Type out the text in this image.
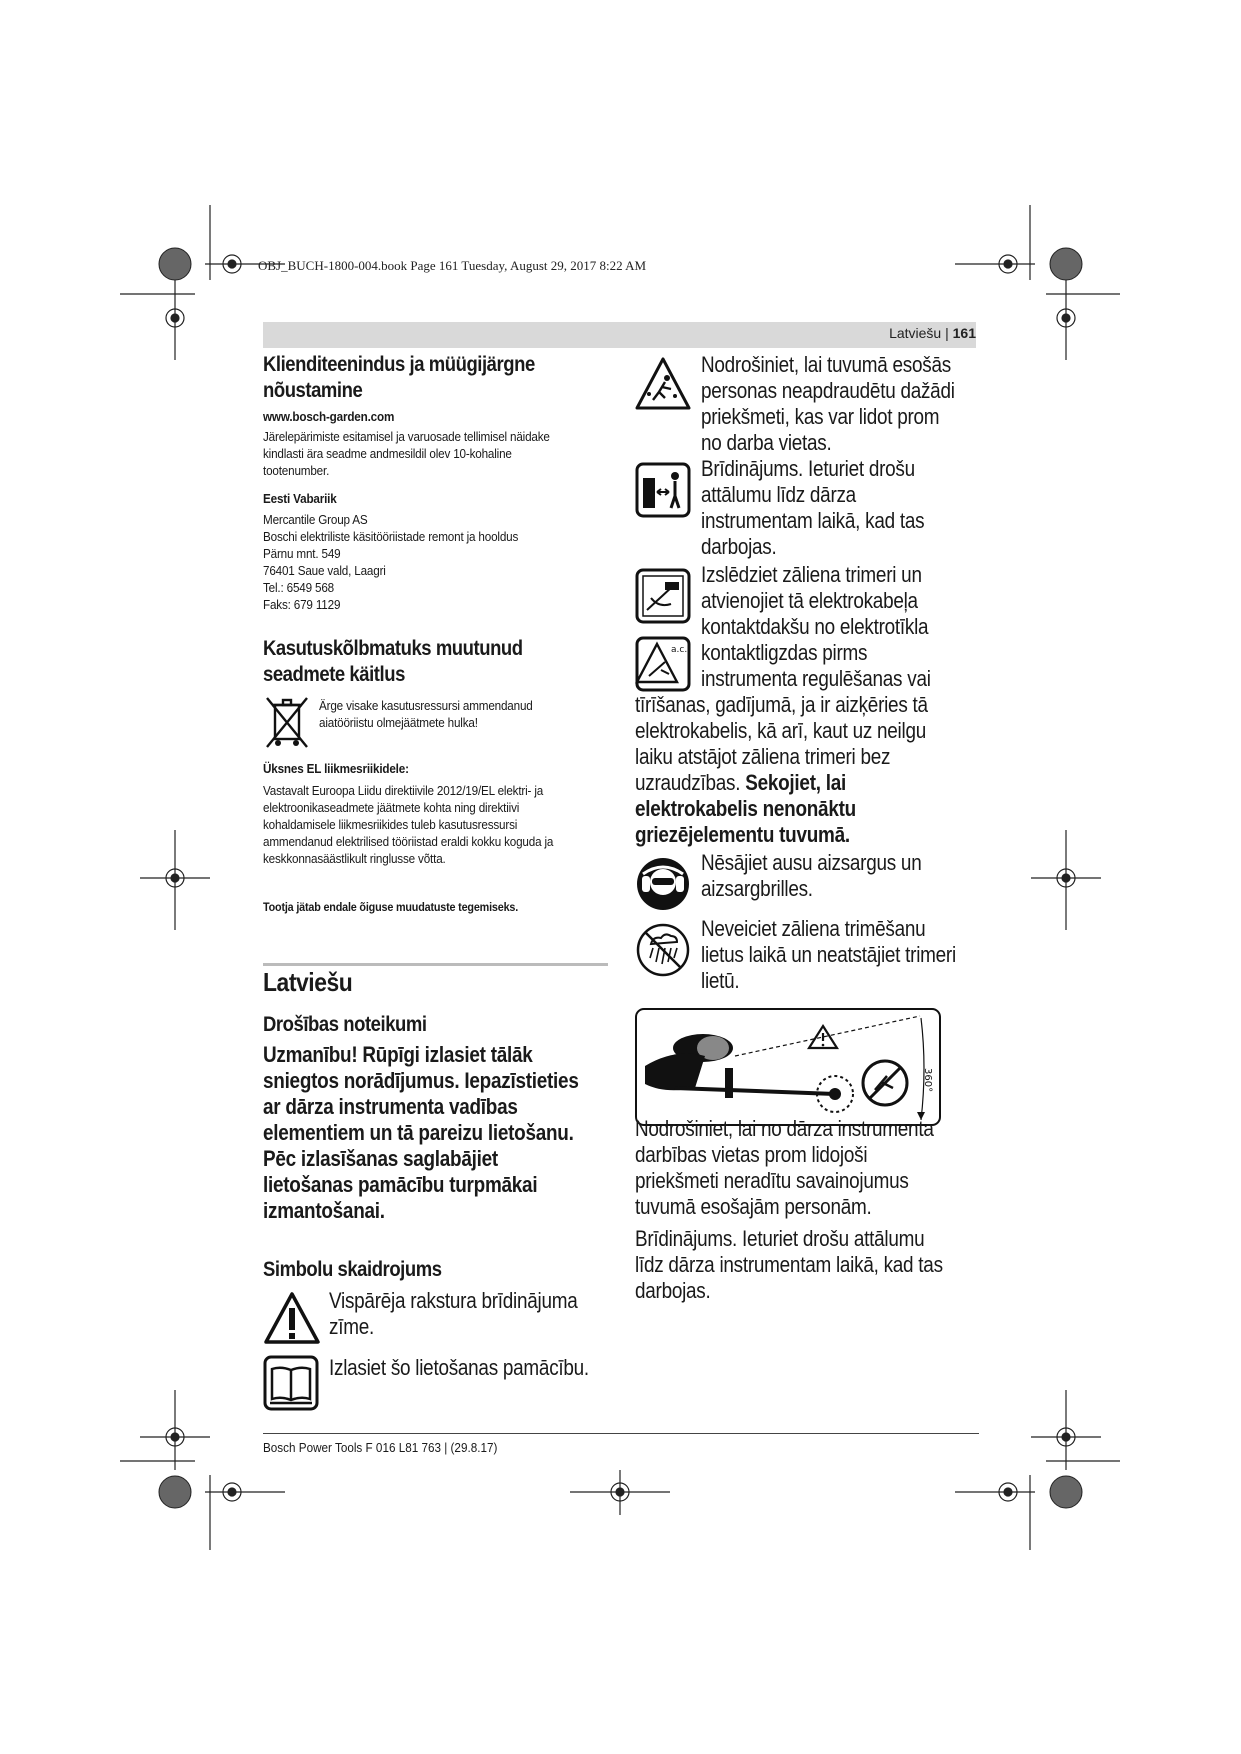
OBJ_BUCH-1800-004.book Page 161 Tuesday, August 29, 2017 8:22 AM
Latviešu | 161
Klienditeenindus ja müügijärgne
nõustamine
www.bosch-garden.com
Järelepärimiste esitamisel ja varuosade tellimisel näidake
kindlasti ära seadme andmesildil olev 10-kohaline
tootenumber.
Eesti Vabariik
Mercantile Group AS
Boschi elektriliste käsitööriistade remont ja hooldus
Pärnu mnt. 549
76401 Saue vald, Laagri
Tel.: 6549 568
Faks: 679 1129
Kasutuskõlbmatuks muutunud
seadmete käitlus
Ärge visake kasutusressursi ammendanud
aiatööriistu olmejäätmete hulka!
Üksnes EL liikmesriikidele:
Vastavalt Euroopa Liidu direktiivile 2012/19/EL elektri- ja
elektroonikaseadmete jäätmete kohta ning direktiivi
kohaldamisele liikmesriikides tuleb kasutusressursi
ammendanud elektrilised tööriistad eraldi kokku koguda ja
keskkonnasäästlikult ringlusse võtta.
Tootja jätab endale õiguse muudatuste tegemiseks.
Latviešu
Drošības noteikumi
Uzmanību! Rūpīgi izlasiet tālāk
sniegtos norādījumus. Iepazīstieties
ar dārza instrumenta vadības
elementiem un tā pareizu lietošanu.
Pēc izlasīšanas saglabājiet
lietošanas pamācību turpmākai
izmantošanai.
Simbolu skaidrojums
Vispārēja rakstura brīdinājuma
zīme.
Izlasiet šo lietošanas pamācību.
Nodrošiniet, lai tuvumā esošās
personas neapdraudētu dažādi
priekšmeti, kas var lidot prom
no darba vietas.
Brīdinājums. Ieturiet drošu
attālumu līdz dārza
instrumentam laikā, kad tas
darbojas.
a.c.
Izslēdziet zāliena trimeri un
atvienojiet tā elektrokabeļa
kontaktdakšu no elektrotīkla
kontaktligzdas pirms
instrumenta regulēšanas vai
tīrīšanas, gadījumā, ja ir aizķēries tā
elektrokabelis, kā arī, kaut uz neilgu
laiku atstājot zāliena trimeri bez
uzraudzības. Sekojiet, lai
elektrokabelis nenonāktu
griezējelementu tuvumā.
Nēsājiet ausu aizsargus un
aizsargbrilles.
Neveiciet zāliena trimēšanu
lietus laikā un neatstājiet trimeri
lietū.
360°
Nodrošiniet, lai no dārza instrumenta
darbības vietas prom lidojoši
priekšmeti neradītu savainojumus
tuvumā esošajām personām.
Brīdinājums. Ieturiet drošu attālumu
līdz dārza instrumentam laikā, kad tas
darbojas.
Bosch Power Tools F 016 L81 763 | (29.8.17)
